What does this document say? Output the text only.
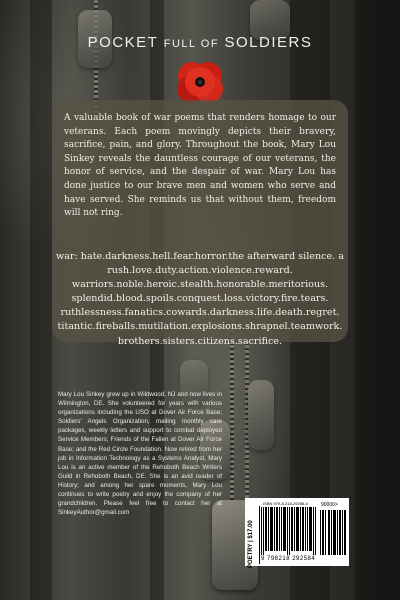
POCKET FULL OF SOLDIERS

A valuable book of war poems that renders homage to our veterans. Each poem movingly depicts their bravery, sacrifice, pain, and glory. Throughout the book, Mary Lou Sinkey reveals the dauntless courage of our veterans, the honor of service, and the despair of war. Mary Lou has done justice to our brave men and women who serve and have served. She reminds us that without them, freedom will not ring.

war: hate.darkness.hell.fear.horror.the afterward silence. a rush.love.duty.action.violence.reward. warriors.noble.heroic.stealth.honorable.meritorious. splendid.blood.spoils.conquest.loss.victory.fire.tears. ruthlessness.fanatics.cowards.darkness.life.death.regret. titantic.fireballs.mutilation.explosions.shrapnel.teamwork. brothers.sisters.citizens.sacrifice.

Mary Lou Sinkey grew up in Wildwood, NJ and now lives in Wilmington, DE. She volunteered for years with various organizations including the USO at Dover Air Force Base; Soldiers' Angels Organization, mailing monthly care packages, weekly letters and support to combat deployed Service Members; Friends of the Fallen at Dover Air Force Base; and the Red Circle Foundation. Now retired from her job in Information Technology as a Systems Analyst, Mary Lou is an active member of the Rehoboth Beach Writers Guild in Rehoboth Beach, DE. She is an avid reader of History; and among her spare moments, Mary Lou continues to write poetry and enjoy the company of her grandchildren. Please feel free to contact her at SinkeyAuthor@gmail.com

POETRY | $17.00
ISBN 979-8-218-29258-4	90000>
9 798218 292584
